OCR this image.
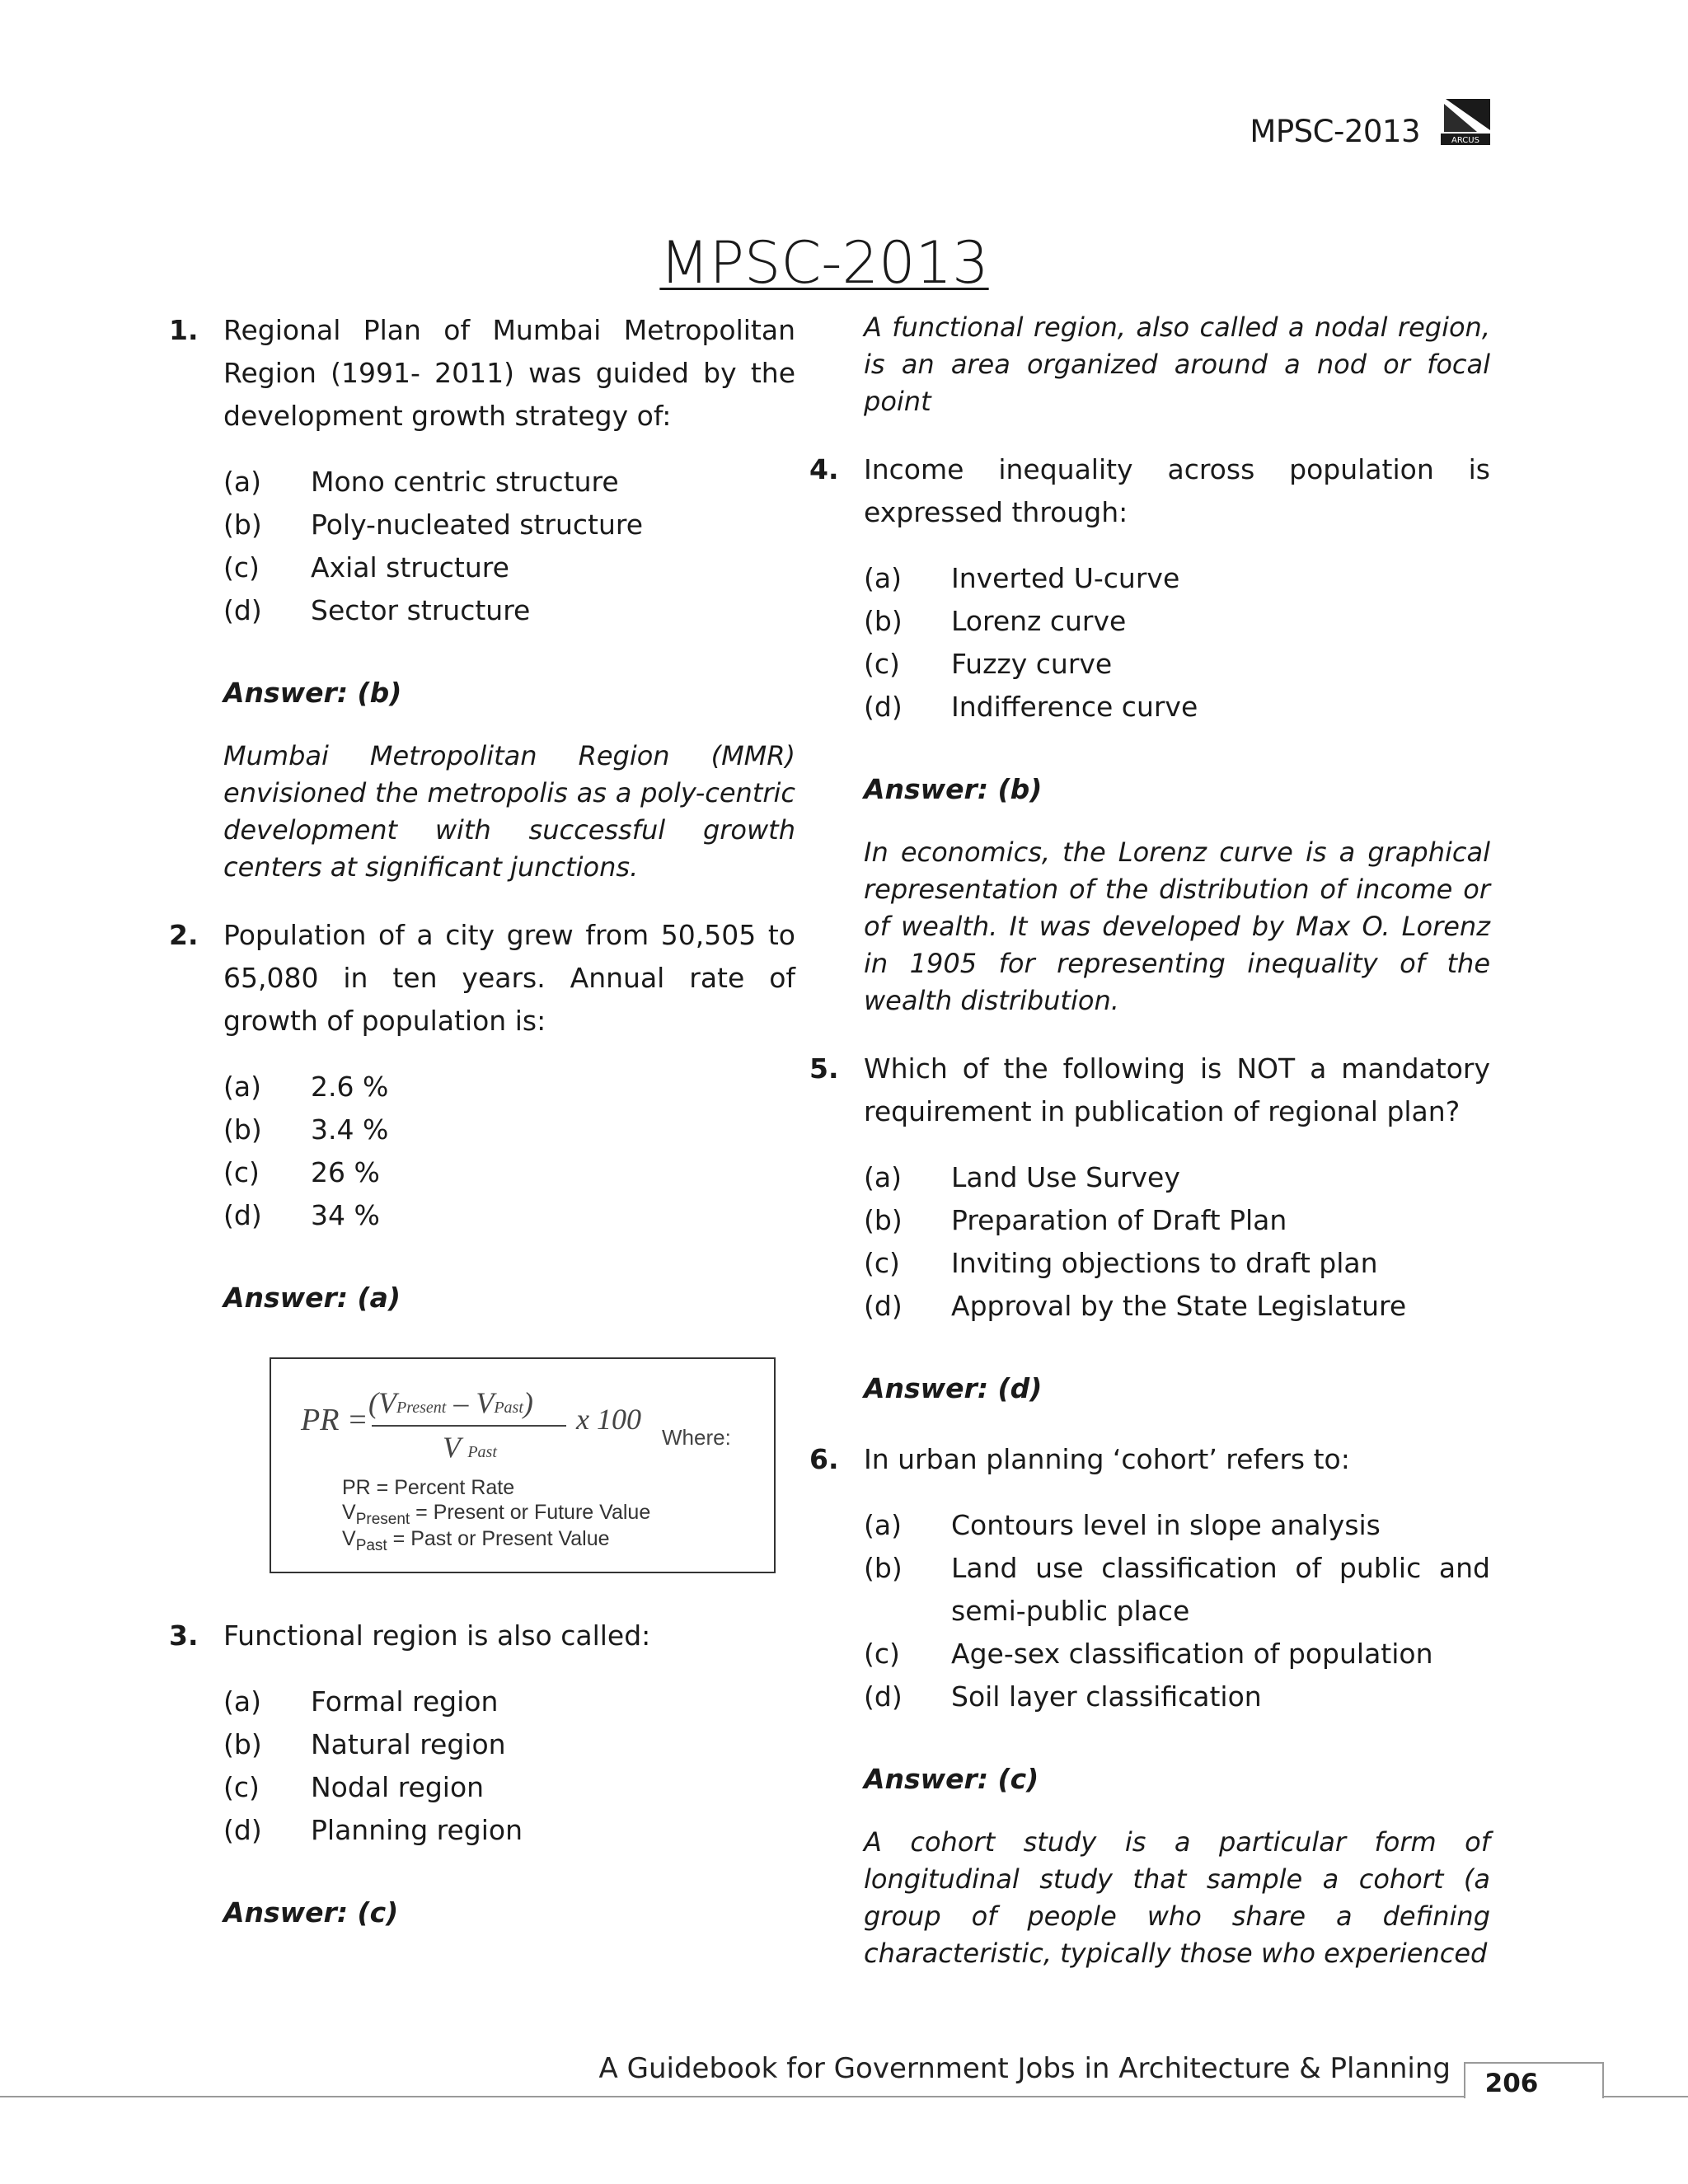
MPSC-2013	ARCUS
MPSC-2013
1. Regional Plan of Mumbai Metropolitan Region (1991- 2011) was guided by the development growth strategy of:
(a)	Mono centric structure
(b)	Poly-nucleated structure
(c)	Axial structure
(d)	Sector structure
Answer: (b)
Mumbai Metropolitan Region (MMR) envisioned the metropolis as a poly-centric development with successful growth centers at significant junctions.
2. Population of a city grew from 50,505 to 65,080 in ten years. Annual rate of growth of population is:
(a)	2.6 %
(b)	3.4 %
(c)	26 %
(d)	34 %
Answer: (a)
PR = (VPresent – VPast)
V Past
x 100
Where:
PR = Percent Rate
$V_{Present}$ = Present or Future Value
$V_{Past}$ = Past or Present Value
3. Functional region is also called:
(a)	Formal region
(b)	Natural region
(c)	Nodal region
(d)	Planning region
Answer: (c)
A functional region, also called a nodal region, is an area organized around a nod or focal point
4. Income inequality across population is expressed through:
(a)	Inverted U-curve
(b)	Lorenz curve
(c)	Fuzzy curve
(d)	Indifference curve
Answer: (b)
In economics, the Lorenz curve is a graphical representation of the distribution of income or of wealth. It was developed by Max O. Lorenz in 1905 for representing inequality of the wealth distribution.
5. Which of the following is NOT a mandatory requirement in publication of regional plan?
(a)	Land Use Survey
(b)	Preparation of Draft Plan
(c)	Inviting objections to draft plan
(d)	Approval by the State Legislature
Answer: (d)
6. In urban planning ‘cohort’ refers to:
(a)	Contours level in slope analysis
(b)	Land use classification of public and semi-public place
(c)	Age-sex classification of population
(d)	Soil layer classification
Answer: (c)
A cohort study is a particular form of longitudinal study that sample a cohort (a group of people who share a defining characteristic, typically those who experienced
A Guidebook for Government Jobs in Architecture & Planning	206
